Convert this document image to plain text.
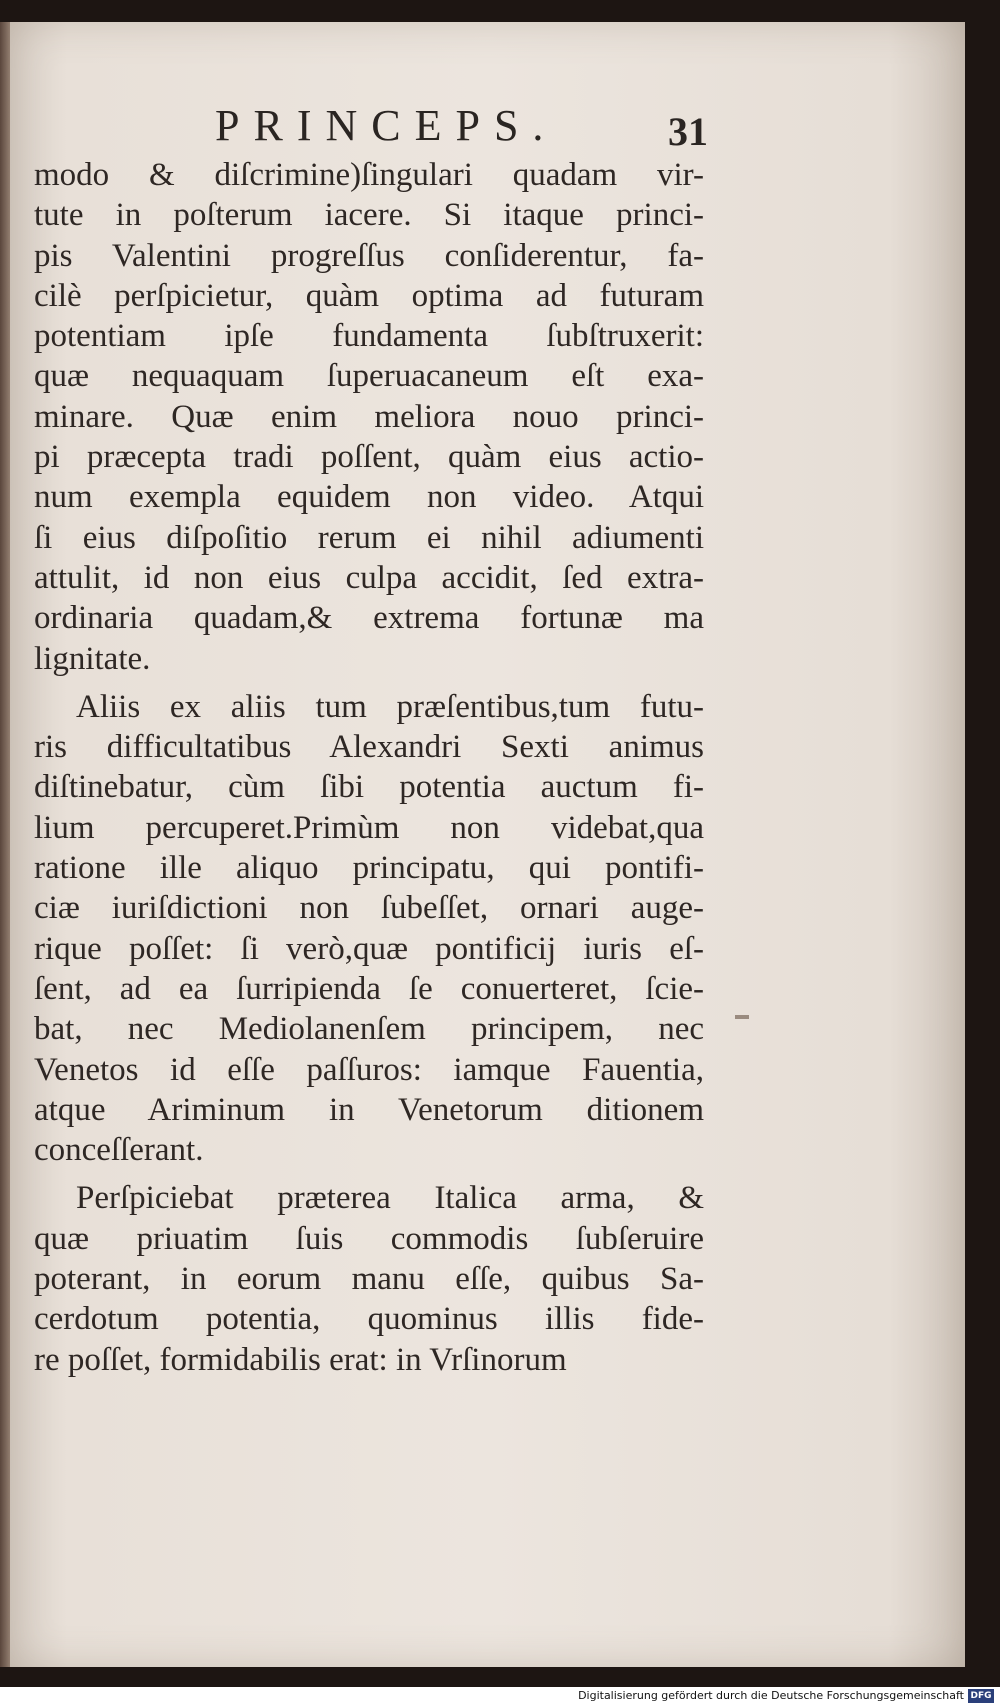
PRINCEPS.	31
modo & diſcrimine)ſingulari quadam vir-
tute in poſterum iacere. Si itaque princi-
pis Valentini progreſſus conſiderentur, fa-
cilè perſpicietur, quàm optima ad futuram
potentiam ipſe fundamenta ſubſtruxerit:
quæ nequaquam ſuperuacaneum eſt exa-
minare. Quæ enim meliora nouo princi-
pi præcepta tradi poſſent, quàm eius actio-
num exempla equidem non video. Atqui
ſi eius diſpoſitio rerum ei nihil adiumenti
attulit, id non eius culpa accidit, ſed extra-
ordinaria quadam,& extrema fortunæ ma
lignitate.
Aliis ex aliis tum præſentibus,tum futu-
ris difficultatibus Alexandri Sexti animus
diſtinebatur, cùm ſibi potentia auctum fi-
lium percuperet.Primùm non videbat,qua
ratione ille aliquo principatu, qui pontifi-
ciæ iuriſdictioni non ſubeſſet, ornari auge-
rique poſſet: ſi verò,quæ pontificij iuris eſ-
ſent, ad ea ſurripienda ſe conuerteret, ſcie-
bat, nec Mediolanenſem principem, nec
Venetos id eſſe paſſuros: iamque Fauentia,
atque Ariminum in Venetorum ditionem
conceſſerant.
Perſpiciebat præterea Italica arma, &
quæ priuatim ſuis commodis ſubſeruire
poterant, in eorum manu eſſe, quibus Sa-
cerdotum potentia, quominus illis fide-
re poſſet, formidabilis erat: in Vrſinorum
Digitalisierung gefördert durch die Deutsche Forschungsgemeinschaft DFG
